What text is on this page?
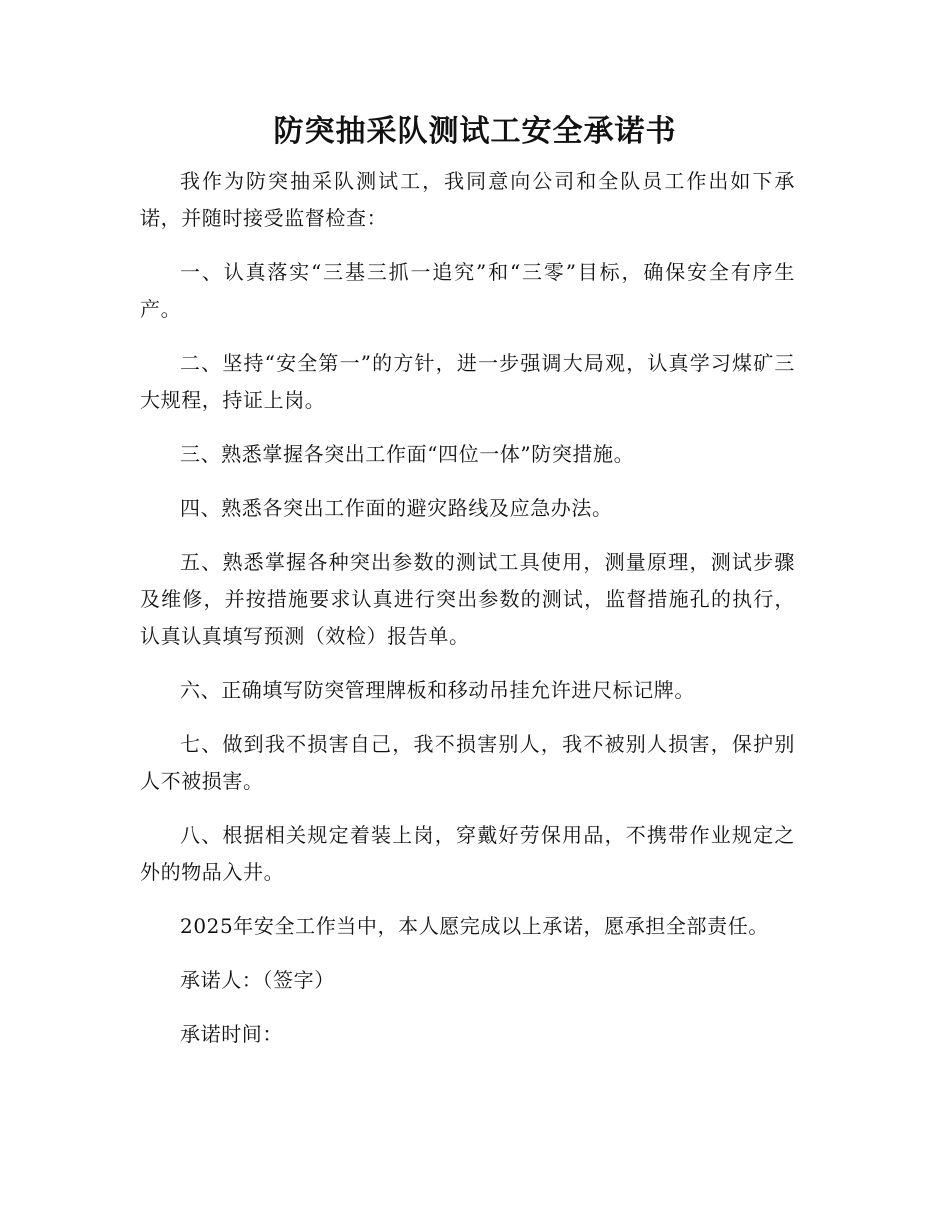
防突抽采队测试工安全承诺书

我作为防突抽采队测试工，我同意向公司和全队员工作出如下承诺，并随时接受监督检查：

一、认真落实“三基三抓一追究”和“三零”目标，确保安全有序生产。

二、坚持“安全第一”的方针，进一步强调大局观，认真学习煤矿三大规程，持证上岗。

三、熟悉掌握各突出工作面“四位一体”防突措施。

四、熟悉各突出工作面的避灾路线及应急办法。

五、熟悉掌握各种突出参数的测试工具使用，测量原理，测试步骤及维修，并按措施要求认真进行突出参数的测试，监督措施孔的执行，认真认真填写预测（效检）报告单。

六、正确填写防突管理牌板和移动吊挂允许进尺标记牌。

七、做到我不损害自己，我不损害别人，我不被别人损害，保护别人不被损害。

八、根据相关规定着装上岗，穿戴好劳保用品，不携带作业规定之外的物品入井。

2025年安全工作当中，本人愿完成以上承诺，愿承担全部责任。

承诺人：（签字）

承诺时间：
